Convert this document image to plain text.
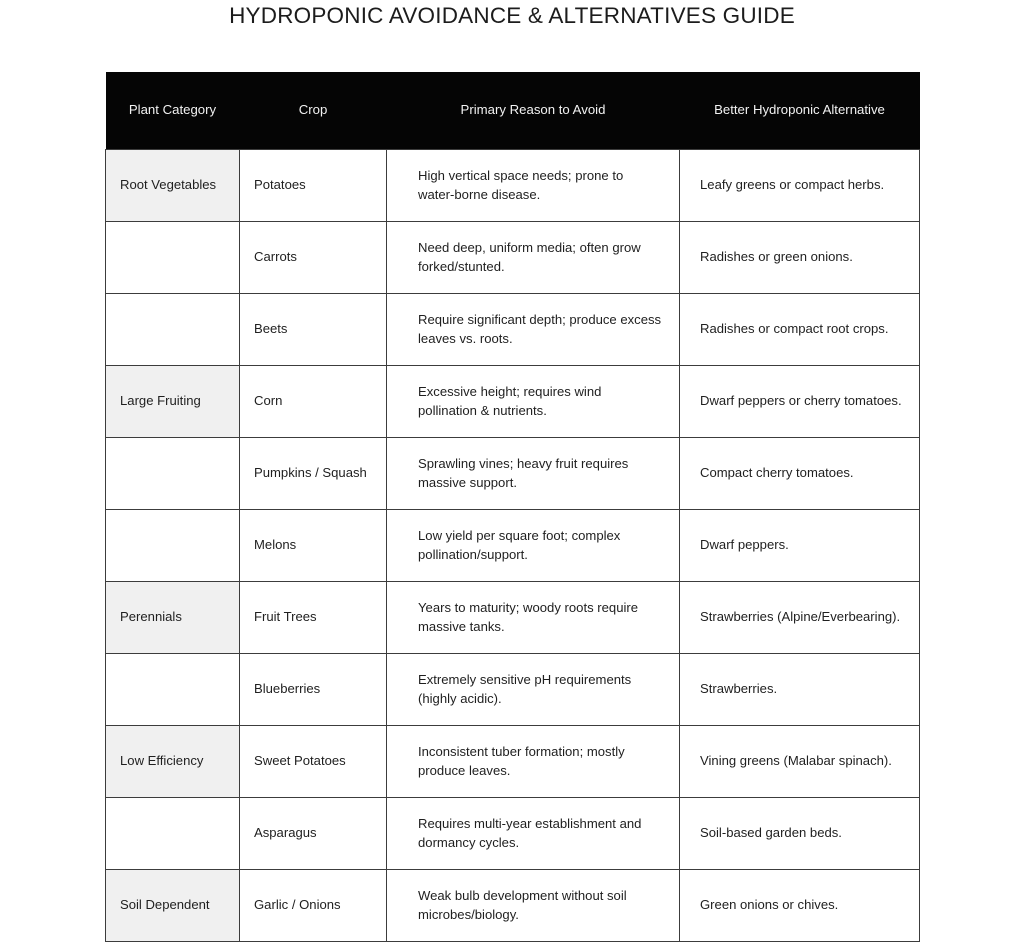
HYDROPONIC AVOIDANCE & ALTERNATIVES GUIDE
Plant Category	Crop	Primary Reason to Avoid	Better Hydroponic Alternative
Root Vegetables	Potatoes	High vertical space needs; prone to water-borne disease.	Leafy greens or compact herbs.
	Carrots	Need deep, uniform media; often grow forked/stunted.	Radishes or green onions.
	Beets	Require significant depth; produce excess leaves vs. roots.	Radishes or compact root crops.
Large Fruiting	Corn	Excessive height; requires wind pollination & nutrients.	Dwarf peppers or cherry tomatoes.
	Pumpkins / Squash	Sprawling vines; heavy fruit requires massive support.	Compact cherry tomatoes.
	Melons	Low yield per square foot; complex pollination/support.	Dwarf peppers.
Perennials	Fruit Trees	Years to maturity; woody roots require massive tanks.	Strawberries (Alpine/Everbearing).
	Blueberries	Extremely sensitive pH requirements (highly acidic).	Strawberries.
Low Efficiency	Sweet Potatoes	Inconsistent tuber formation; mostly produce leaves.	Vining greens (Malabar spinach).
	Asparagus	Requires multi-year establishment and dormancy cycles.	Soil-based garden beds.
Soil Dependent	Garlic / Onions	Weak bulb development without soil microbes/biology.	Green onions or chives.
